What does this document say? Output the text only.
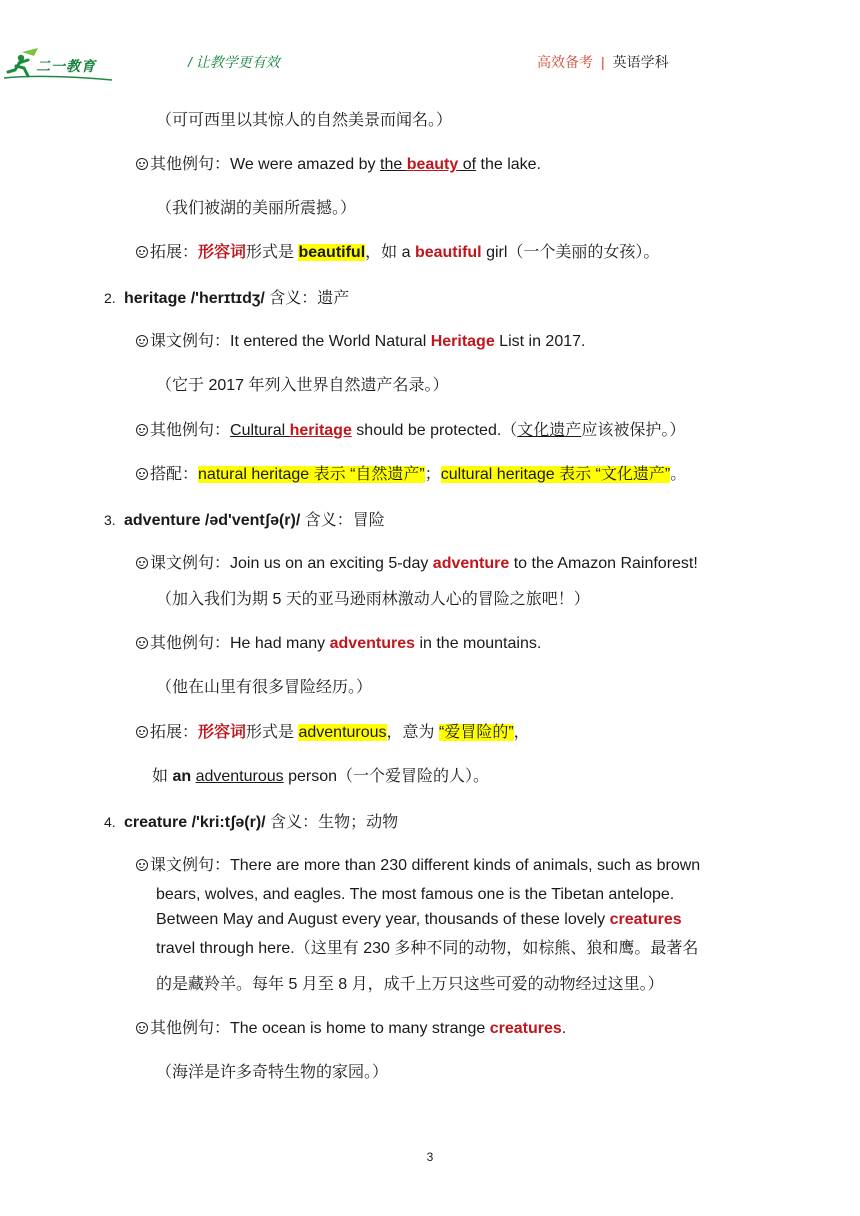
二一教育	/ 让教学更有效	高效备考 | 英语学科
（可可西里以其惊人的自然美景而闻名。）
其他例句：We were amazed by the beauty of the lake.
（我们被湖的美丽所震撼。）
拓展：形容词形式是 beautiful，如 a beautiful girl（一个美丽的女孩）。
2. heritage /'herɪtɪdʒ/ 含义：遗产
课文例句：It entered the World Natural Heritage List in 2017.
（它于 2017 年列入世界自然遗产名录。）
其他例句：Cultural heritage should be protected.（文化遗产应该被保护。）
搭配：natural heritage 表示 “自然遗产”；cultural heritage 表示 “文化遗产”。
3. adventure /əd'ventʃə(r)/ 含义：冒险
课文例句：Join us on an exciting 5-day adventure to the Amazon Rainforest!
（加入我们为期 5 天的亚马逊雨林激动人心的冒险之旅吧！）
其他例句：He had many adventures in the mountains.
（他在山里有很多冒险经历。）
拓展：形容词形式是 adventurous，意为 “爱冒险的”，
如 an adventurous person（一个爱冒险的人）。
4. creature /'kri:tʃə(r)/ 含义：生物；动物
课文例句：There are more than 230 different kinds of animals, such as brown
bears, wolves, and eagles. The most famous one is the Tibetan antelope.
Between May and August every year, thousands of these lovely creatures
travel through here.（这里有 230 多种不同的动物，如棕熊、狼和鹰。最著名
的是藏羚羊。每年 5 月至 8 月，成千上万只这些可爱的动物经过这里。）
其他例句：The ocean is home to many strange creatures.
（海洋是许多奇特生物的家园。）
3
